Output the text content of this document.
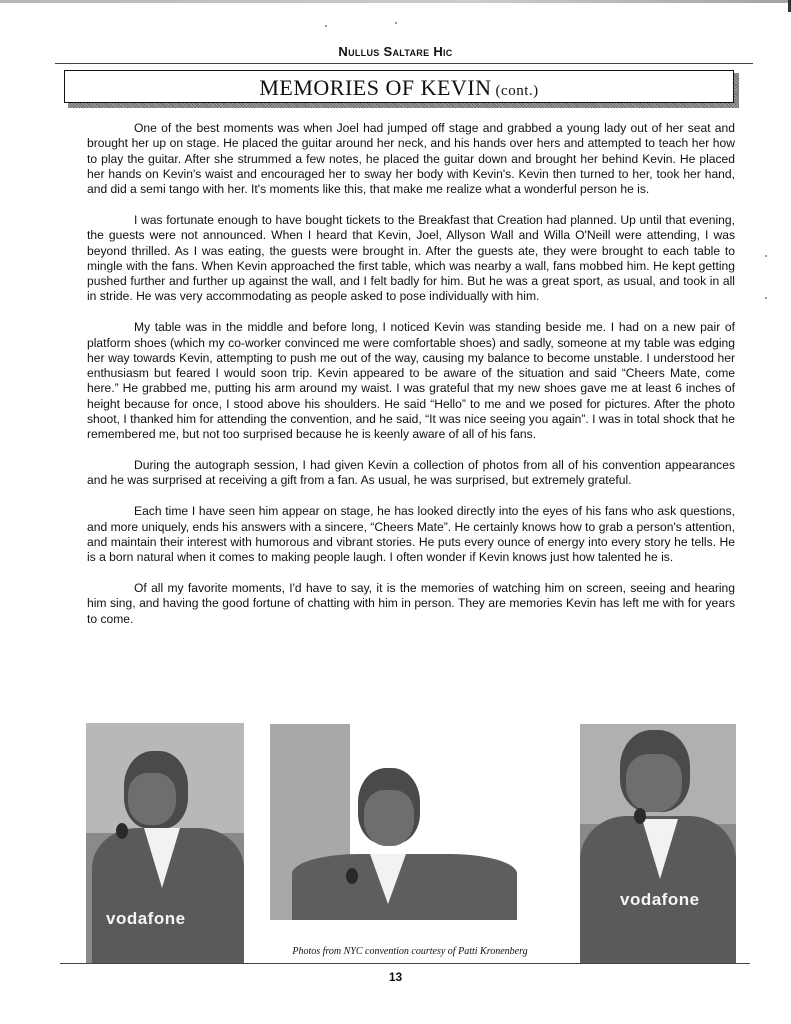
Nullus Saltare Hic
MEMORIES OF KEVIN (cont.)

One of the best moments was when Joel had jumped off stage and grabbed a young lady out of her seat and brought her up on stage. He placed the guitar around her neck, and his hands over hers and attempted to teach her how to play the guitar. After she strummed a few notes, he placed the guitar down and brought her behind Kevin. He placed her hands on Kevin's waist and encouraged her to sway her body with Kevin's. Kevin then turned to her, took her hand, and did a semi tango with her. It's moments like this, that make me realize what a wonderful person he is.

I was fortunate enough to have bought tickets to the Breakfast that Creation had planned. Up until that evening, the guests were not announced. When I heard that Kevin, Joel, Allyson Wall and Willa O'Neill were attending, I was beyond thrilled. As I was eating, the guests were brought in. After the guests ate, they were brought to each table to mingle with the fans. When Kevin approached the first table, which was nearby a wall, fans mobbed him. He kept getting pushed further and further up against the wall, and I felt badly for him. But he was a great sport, as usual, and took in all in stride. He was very accommodating as people asked to pose individually with him.

My table was in the middle and before long, I noticed Kevin was standing beside me. I had on a new pair of platform shoes (which my co-worker convinced me were comfortable shoes) and sadly, someone at my table was edging her way towards Kevin, attempting to push me out of the way, causing my balance to become unstable. I understood her enthusiasm but feared I would soon trip. Kevin appeared to be aware of the situation and said “Cheers Mate, come here.” He grabbed me, putting his arm around my waist. I was grateful that my new shoes gave me at least 6 inches of height because for once, I stood above his shoulders. He said “Hello” to me and we posed for pictures. After the photo shoot, I thanked him for attending the convention, and he said, “It was nice seeing you again”. I was in total shock that he remembered me, but not too surprised because he is keenly aware of all of his fans.

During the autograph session, I had given Kevin a collection of photos from all of his convention appearances and he was surprised at receiving a gift from a fan. As usual, he was surprised, but extremely grateful.

Each time I have seen him appear on stage, he has looked directly into the eyes of his fans who ask questions, and more uniquely, ends his answers with a sincere, “Cheers Mate”. He certainly knows how to grab a person's attention, and maintain their interest with humorous and vibrant stories. He puts every ounce of energy into every story he tells. He is a born natural when it comes to making people laugh. I often wonder if Kevin knows just how talented he is.

Of all my favorite moments, I'd have to say, it is the memories of watching him on screen, seeing and hearing him sing, and having the good fortune of chatting with him in person. They are memories Kevin has left me with for years to come.

vodafone
vodafone
Photos from NYC convention courtesy of Patti Kronenberg
13
